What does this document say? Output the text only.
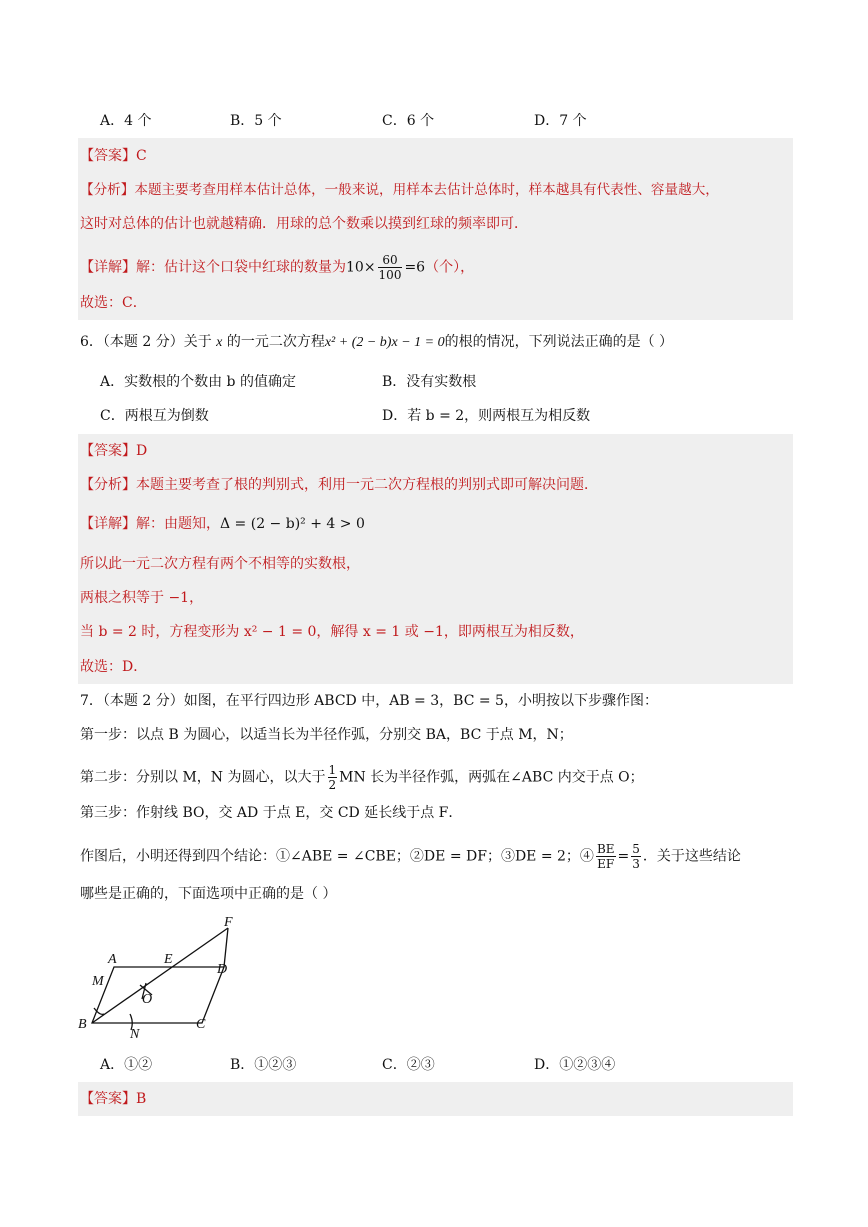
A．4 个	B．5 个	C．6 个	D．7 个
【答案】C
【分析】本题主要考查用样本估计总体，一般来说，用样本去估计总体时，样本越具有代表性、容量越大，
这时对总体的估计也就越精确．用球的总个数乘以摸到红球的频率即可．
【详解】解：估计这个口袋中红球的数量为$10\times \frac{60}{100} =6$（个），
故选：C．
6．（本题 2 分）关于 x 的一元二次方程x² + (2 − b)x − 1 = 0的根的情况，下列说法正确的是（ ）
A．实数根的个数由 b 的值确定	B．没有实数根
C．两根互为倒数	D．若 b = 2，则两根互为相反数
【答案】D
【分析】本题主要考查了根的判别式，利用一元二次方程根的判别式即可解决问题．
【详解】解：由题知，Δ = (2 − b)² + 4 > 0
所以此一元二次方程有两个不相等的实数根，
两根之积等于 −1，
当 b = 2 时，方程变形为 x² − 1 = 0，解得 x = 1 或 −1，即两根互为相反数，
故选：D．
7．（本题 2 分）如图，在平行四边形 ABCD 中，AB = 3，BC = 5，小明按以下步骤作图：
第一步：以点 B 为圆心，以适当长为半径作弧，分别交 BA，BC 于点 M，N；
第二步：分别以 M，N 为圆心，以大于 $\frac{1}{2}$ MN 长为半径作弧，两弧在∠ABC 内交于点 O；
第三步：作射线 BO，交 AD 于点 E，交 CD 延长线于点 F．
作图后，小明还得到四个结论：①∠ABE = ∠CBE；②DE = DF；③DE = 2；④ $\frac{BE}{EF} = \frac{5}{3}$ ．关于这些结论
哪些是正确的，下面选项中正确的是（ ）
A	E
D
M
O
B
N
C
F
A．①②	B．①②③	C．②③	D．①②③④
【答案】B
